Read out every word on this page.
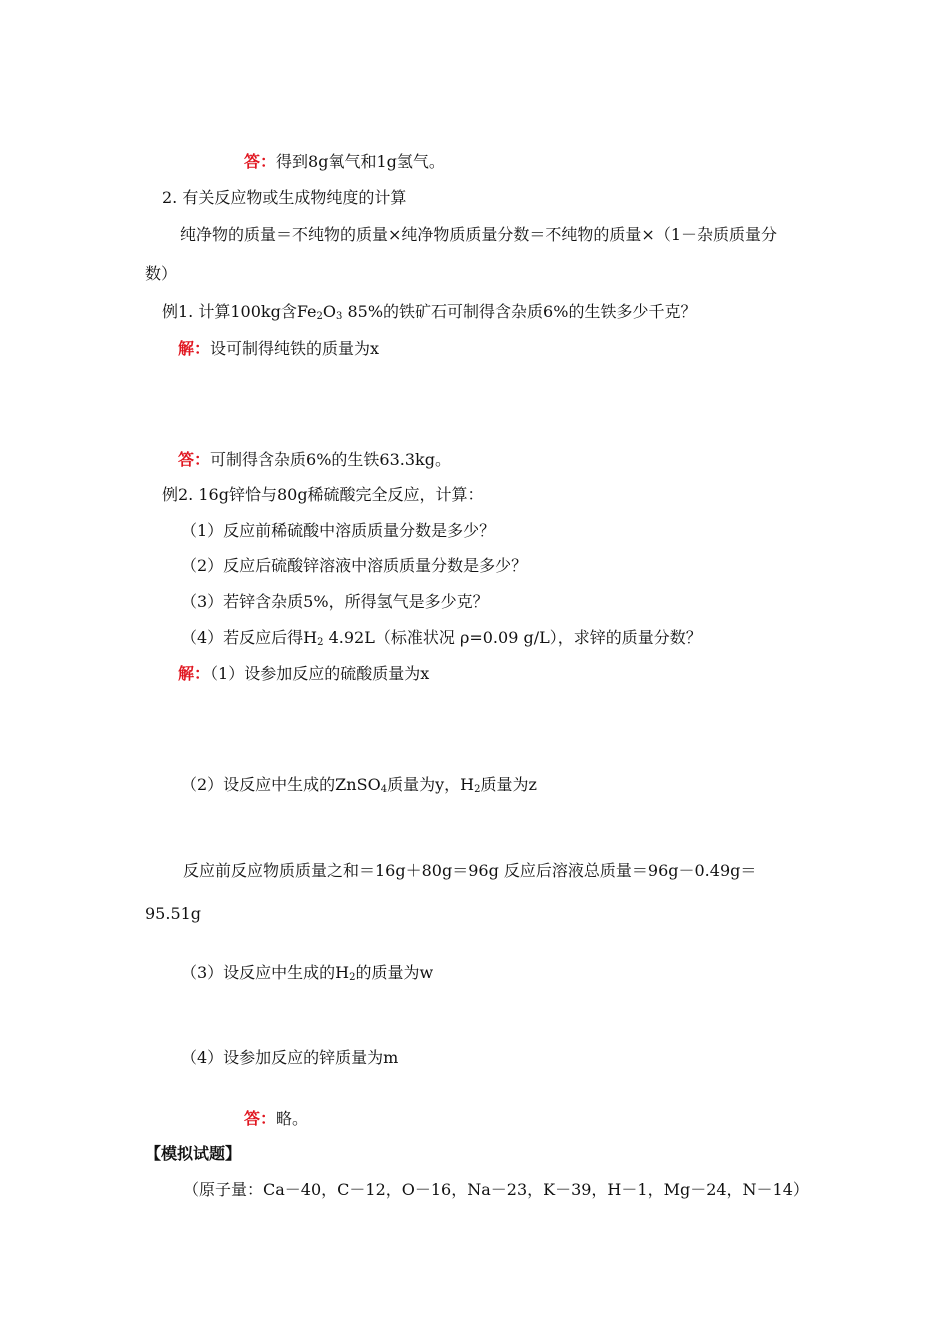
答：得到8g氧气和1g氢气。
2. 有关反应物或生成物纯度的计算
纯净物的质量＝不纯物的质量×纯净物质质量分数＝不纯物的质量×（1－杂质质量分
数）
例1. 计算100kg含$Fe_2O_3$ 85%的铁矿石可制得含杂质6%的生铁多少千克？
解：设可制得纯铁的质量为x
答：可制得含杂质6%的生铁63.3kg。
例2. 16g锌恰与80g稀硫酸完全反应，计算：
（1）反应前稀硫酸中溶质质量分数是多少？
（2）反应后硫酸锌溶液中溶质质量分数是多少？
（3）若锌含杂质5%，所得氢气是多少克？
（4）若反应后得$H_2$ 4.92L（标准状况 ρ=0.09 g/L），求锌的质量分数？
解：（1）设参加反应的硫酸质量为x
（2）设反应中生成的ZnSO$_4$质量为y，$H_2$质量为z
反应前反应物质质量之和＝16g＋80g＝96g 反应后溶液总质量＝96g－0.49g＝
95.51g
（3）设反应中生成的$H_2$的质量为w
（4）设参加反应的锌质量为m
答：略。
【模拟试题】
（原子量：Ca－40，C－12，O－16，Na－23，K－39，H－1，Mg－24，N－14）
